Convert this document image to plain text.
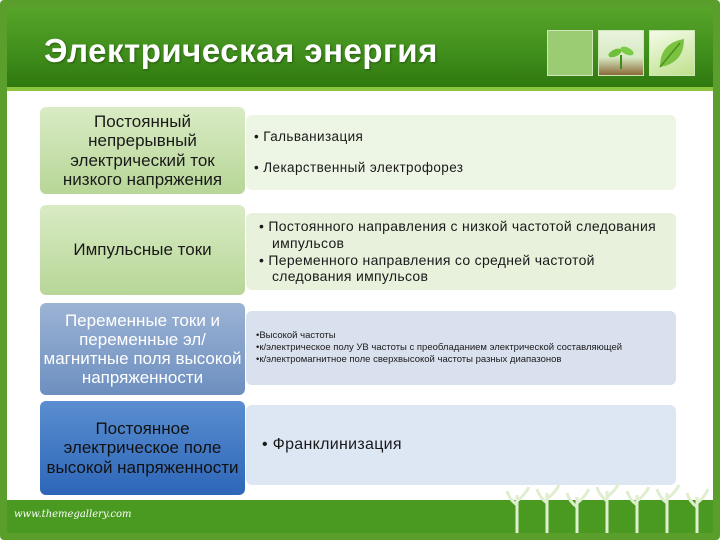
Электрическая энергия
Постоянный непрерывный электрический ток низкого напряжения
• Гальванизация
• Лекарственный электрофорез
Импульсные токи
• Постоянного направления с низкой частотой следования импульсов
• Переменного направления со средней частотой следования импульсов
Переменные токи и переменные эл/магнитные поля высокой напряженности
•Высокой частоты
•к/электрическое полу УВ частоты с преобладанием электрической составляющей
•к/электромагнитное поле сверхвысокой частоты разных диапазонов
Постоянное электрическое поле высокой напряженности
• Франклинизация
www.themegallery.com
